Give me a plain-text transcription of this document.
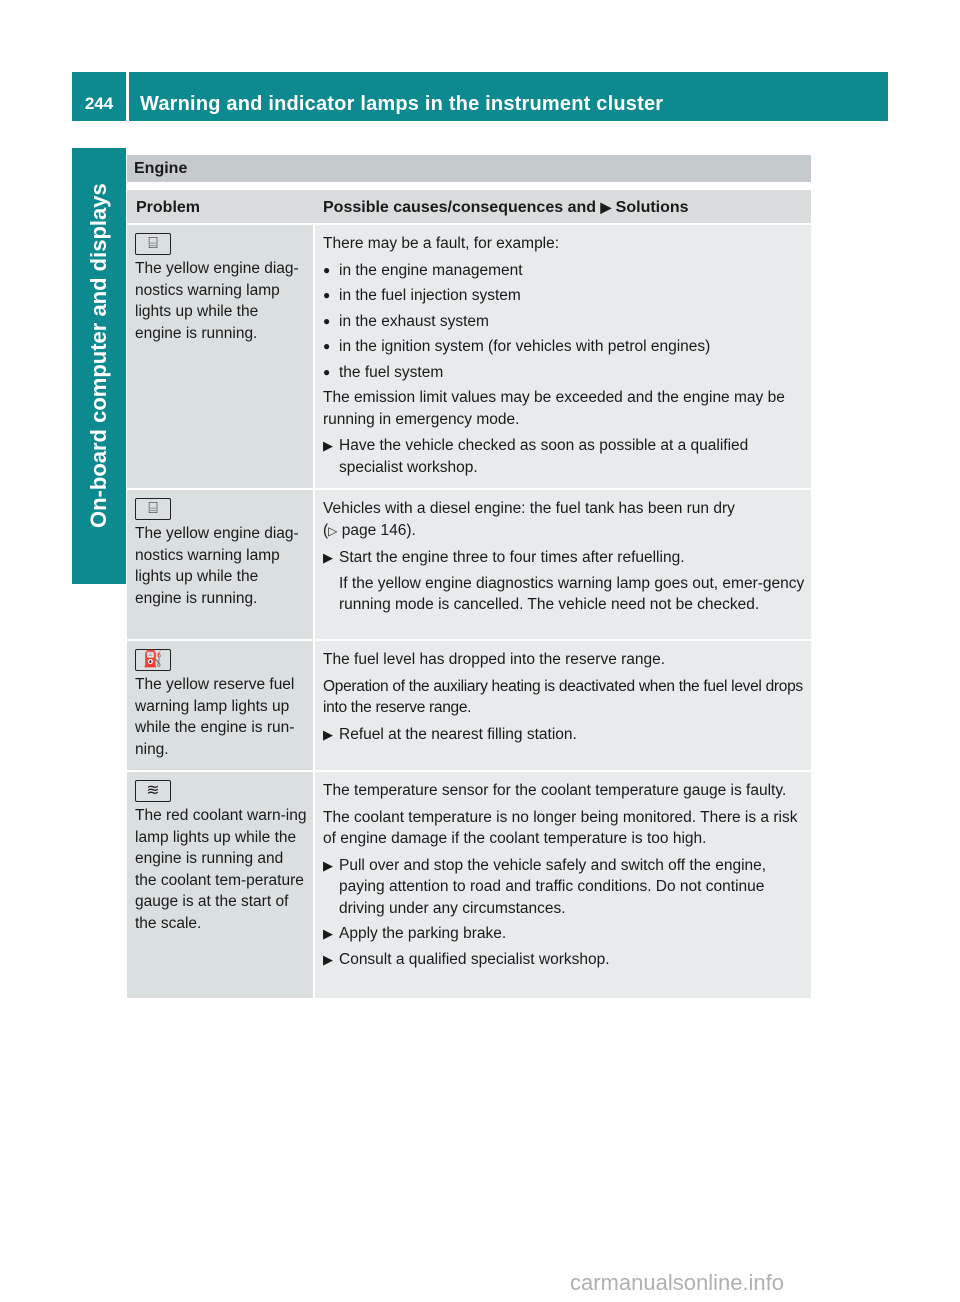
244	Warning and indicator lamps in the instrument cluster
On-board computer and displays
Engine
Problem	Possible causes/consequences and ▶ Solutions
⌸
The yellow engine diag-nostics warning lamp lights up while the engine is running.
There may be a fault, for example:
● in the engine management
● in the fuel injection system
● in the exhaust system
● in the ignition system (for vehicles with petrol engines)
● the fuel system
The emission limit values may be exceeded and the engine may be running in emergency mode.
▶ Have the vehicle checked as soon as possible at a qualified specialist workshop.
⌸
The yellow engine diag-nostics warning lamp lights up while the engine is running.
Vehicles with a diesel engine: the fuel tank has been run dry
(▷ page 146).
▶ Start the engine three to four times after refuelling.
If the yellow engine diagnostics warning lamp goes out, emer-gency running mode is cancelled. The vehicle need not be checked.
⛽
The yellow reserve fuel warning lamp lights up while the engine is run-ning.
The fuel level has dropped into the reserve range.
Operation of the auxiliary heating is deactivated when the fuel level drops into the reserve range.
▶ Refuel at the nearest filling station.
≋
The red coolant warn-ing lamp lights up while the engine is running and the coolant tem-perature gauge is at the start of the scale.
The temperature sensor for the coolant temperature gauge is faulty.
The coolant temperature is no longer being monitored. There is a risk of engine damage if the coolant temperature is too high.
▶ Pull over and stop the vehicle safely and switch off the engine, paying attention to road and traffic conditions. Do not continue driving under any circumstances.
▶ Apply the parking brake.
▶ Consult a qualified specialist workshop.
carmanualsonline.info
